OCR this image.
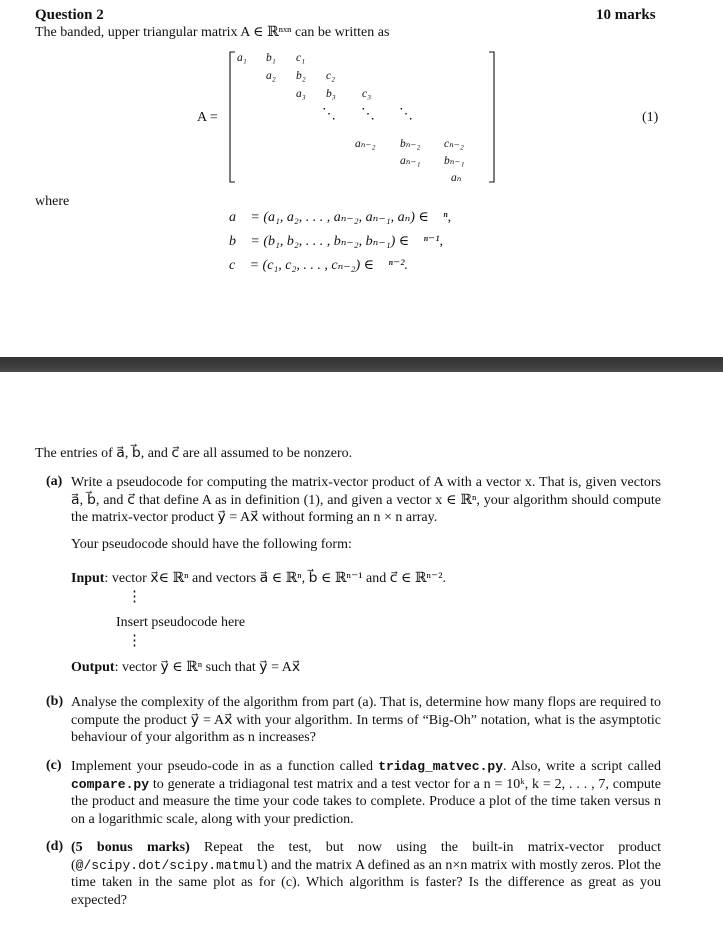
Question 2	10 marks
The banded, upper triangular matrix A ∈ ℝⁿˣⁿ can be written as
A =
a₁ b₁ c₁
a₂ b₂ c₂
a₃ b₃ c₃
⋱ ⋱ ⋱
aₙ₋₂ bₙ₋₂ cₙ₋₂
aₙ₋₁ bₙ₋₁
aₙ
(1)
where
a⃗ = (a₁, a₂, . . . , aₙ₋₂, aₙ₋₁, aₙ) ∈ ℝⁿ,
b⃗ = (b₁, b₂, . . . , bₙ₋₂, bₙ₋₁) ∈ ℝⁿ⁻¹,
c⃗ = (c₁, c₂, . . . , cₙ₋₂) ∈ ℝⁿ⁻².
The entries of a⃗, b⃗, and c⃗ are all assumed to be nonzero.
(a) Write a pseudocode for computing the matrix-vector product of A with a vector x. That is, given vectors a⃗, b⃗, and c⃗ that define A as in definition (1), and given a vector x ∈ ℝⁿ, your algorithm should compute the matrix-vector product y⃗ = Ax⃗ without forming an n × n array.
Your pseudocode should have the following form:
Input: vector x⃗∈ ℝⁿ and vectors a⃗ ∈ ℝⁿ, b⃗ ∈ ℝⁿ⁻¹ and c⃗ ∈ ℝⁿ⁻².
⋮
Insert pseudocode here
⋮
Output: vector y⃗ ∈ ℝⁿ such that y⃗ = Ax⃗
(b) Analyse the complexity of the algorithm from part (a). That is, determine how many flops are required to compute the product y⃗ = Ax⃗ with your algorithm. In terms of “Big-Oh” notation, what is the asymptotic behaviour of your algorithm as n increases?
(c) Implement your pseudo-code in as a function called tridag_matvec.py. Also, write a script called compare.py to generate a tridiagonal test matrix and a test vector for a n = 10ᵏ, k = 2, . . . , 7, compute the product and measure the time your code takes to complete. Produce a plot of the time taken versus n on a logarithmic scale, along with your prediction.
(d) (5 bonus marks) Repeat the test, but now using the built-in matrix-vector product (@/scipy.dot/scipy.matmul) and the matrix A defined as an n×n matrix with mostly zeros. Plot the time taken in the same plot as for (c). Which algorithm is faster? Is the difference as great as you expected?
